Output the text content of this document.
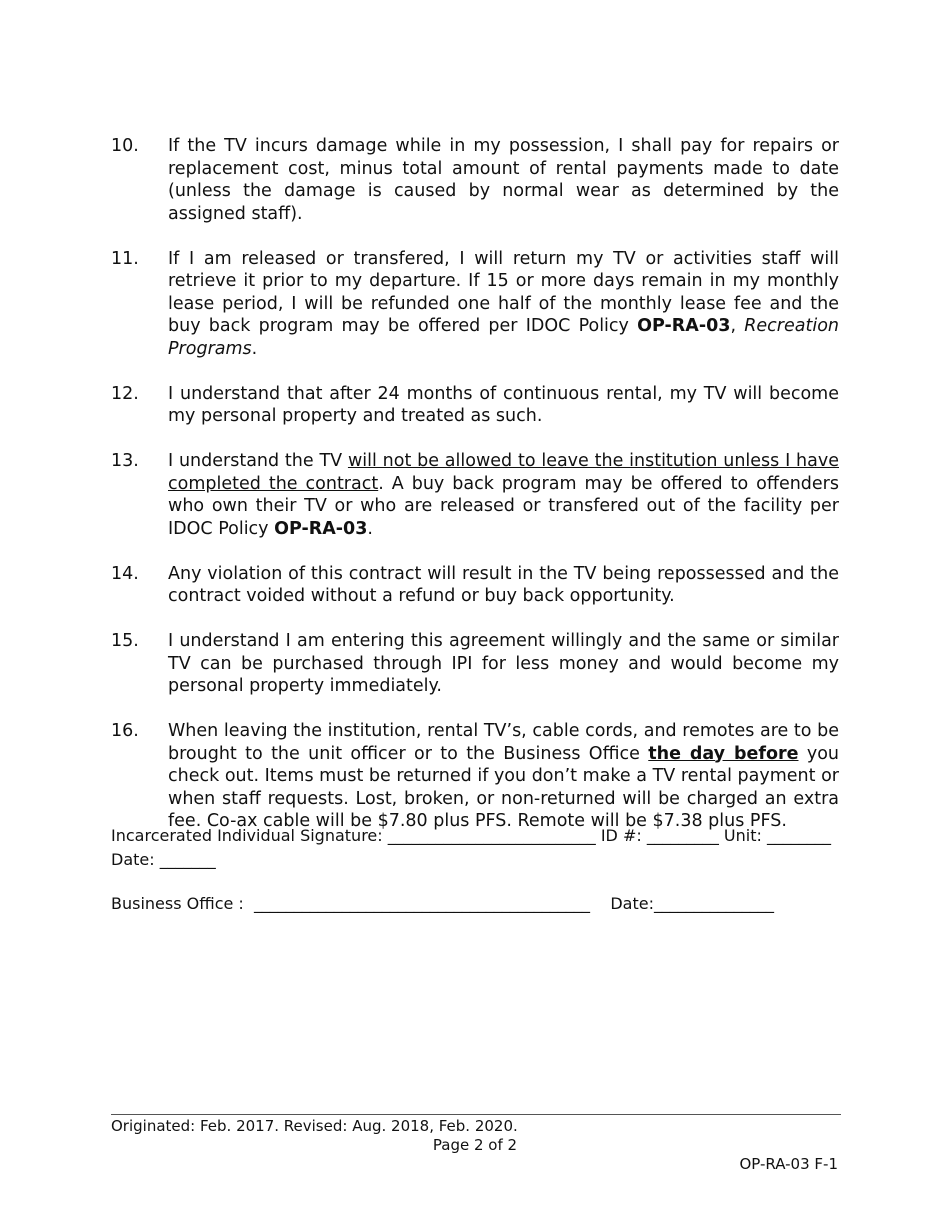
10. If the TV incurs damage while in my possession, I shall pay for repairs or replacement cost, minus total amount of rental payments made to date (unless the damage is caused by normal wear as determined by the assigned staff).
11. If I am released or transfered, I will return my TV or activities staff will retrieve it prior to my departure. If 15 or more days remain in my monthly lease period, I will be refunded one half of the monthly lease fee and the buy back program may be offered per IDOC Policy OP-RA-03, Recreation Programs.
12. I understand that after 24 months of continuous rental, my TV will become my personal property and treated as such.
13. I understand the TV will not be allowed to leave the institution unless I have completed the contract. A buy back program may be offered to offenders who own their TV or who are released or transfered out of the facility per IDOC Policy OP-RA-03.
14. Any violation of this contract will result in the TV being repossessed and the contract voided without a refund or buy back opportunity.
15. I understand I am entering this agreement willingly and the same or similar TV can be purchased through IPI for less money and would become my personal property immediately.
16. When leaving the institution, rental TV’s, cable cords, and remotes are to be brought to the unit officer or to the Business Office the day before you check out. Items must be returned if you don’t make a TV rental payment or when staff requests. Lost, broken, or non-returned will be charged an extra fee. Co-ax cable will be $7.80 plus PFS. Remote will be $7.38 plus PFS.
Incarcerated Individual Signature: __________________________ ID #: _________ Unit: ________
Date: _______
Business Office :  __________________________________________    Date:_______________
Originated: Feb. 2017. Revised: Aug. 2018, Feb. 2020.
Page 2 of 2
OP-RA-03 F-1
